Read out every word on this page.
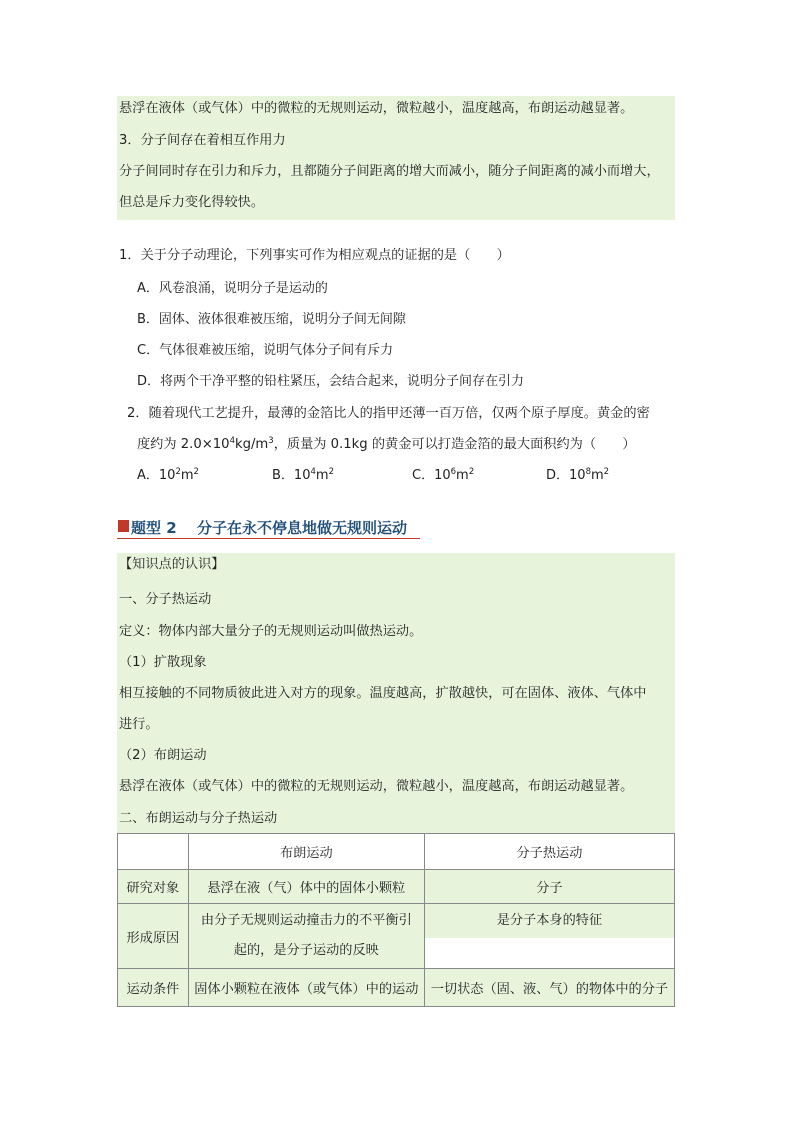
悬浮在液体（或气体）中的微粒的无规则运动，微粒越小，温度越高，布朗运动越显著。
3．分子间存在着相互作用力
分子间同时存在引力和斥力，且都随分子间距离的增大而减小，随分子间距离的减小而增大，
但总是斥力变化得较快。
1．关于分子动理论，下列事实可作为相应观点的证据的是（　　）
A．风卷浪涌，说明分子是运动的
B．固体、液体很难被压缩，说明分子间无间隙
C．气体很难被压缩，说明气体分子间有斥力
D．将两个干净平整的铅柱紧压，会结合起来，说明分子间存在引力
2．随着现代工艺提升，最薄的金箔比人的指甲还薄一百万倍，仅两个原子厚度。黄金的密
度约为 $2.0\times 10^4kg/m^3$，质量为 0.1kg 的黄金可以打造金箔的最大面积约为（　　）
A．$10^2m^2$	B．$10^4m^2$	C．$10^6m^2$	D．$10^8m^2$
题型 2 分子在永不停息地做无规则运动
【知识点的认识】
一、分子热运动
定义：物体内部大量分子的无规则运动叫做热运动。
（1）扩散现象
相互接触的不同物质彼此进入对方的现象。温度越高，扩散越快，可在固体、液体、气体中
进行。
（2）布朗运动
悬浮在液体（或气体）中的微粒的无规则运动，微粒越小，温度越高，布朗运动越显著。
二、布朗运动与分子热运动
	布朗运动	分子热运动
研究对象	悬浮在液（气）体中的固体小颗粒	分子
形成原因	由分子无规则运动撞击力的不平衡引
起的，是分子运动的反映	是分子本身的特征

运动条件	固体小颗粒在液体（或气体）中的运动	一切状态（固、液、气）的物体中的分子
